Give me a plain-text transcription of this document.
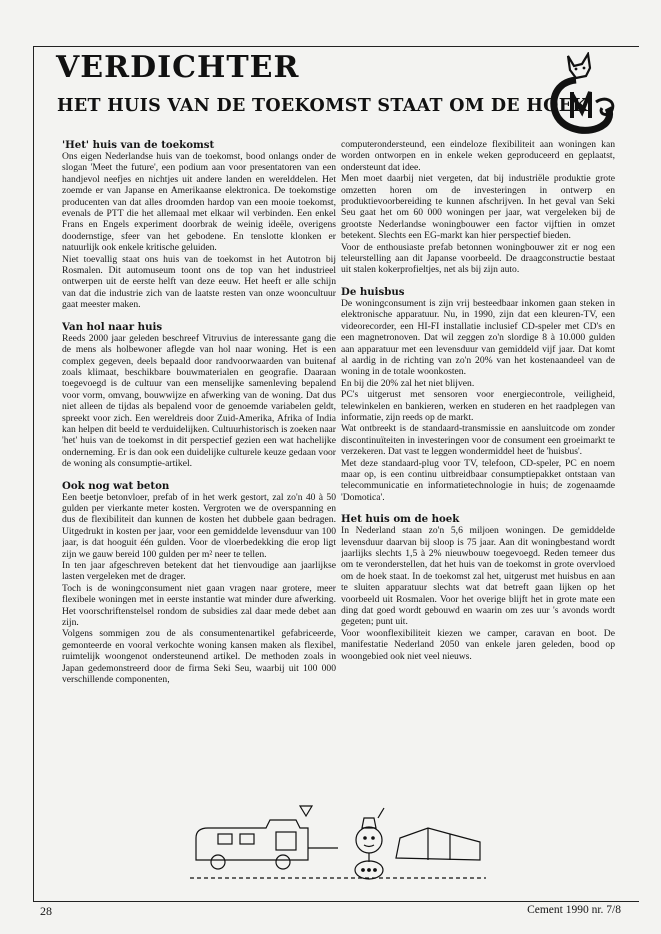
VERDICHTER
HET HUIS VAN DE TOEKOMST STAAT OM DE HOEK
'Het' huis van de toekomst

Ons eigen Nederlandse huis van de toekomst, bood onlangs onder de slogan 'Meet the future', een podium aan voor presentatoren van een handjevol neefjes en nichtjes uit andere landen en werelddelen. Het zoemde er van Japanse en Amerikaanse elektronica. De toekomstige producenten van dat alles droomden hardop van een mooie toekomst, evenals de PTT die het allemaal met elkaar wil verbinden. Een enkel Frans en Engels experiment doorbrak de weinig ideële, overigens doodernstige, sfeer van het gebodene. En tenslotte klonken er natuurlijk ook enkele kritische geluiden.

Niet toevallig staat ons huis van de toekomst in het Autotron bij Rosmalen. Dit automuseum toont ons de top van het industrieel ontwerpen uit de eerste helft van deze eeuw. Het heeft er alle schijn van dat die industrie zich van de laatste resten van onze wooncultuur gaat meester maken.

Van hol naar huis

Reeds 2000 jaar geleden beschreef Vitruvius de interessante gang die de mens als holbewoner aflegde van hol naar woning. Het is een complex gegeven, deels bepaald door randvoorwaarden van buitenaf zoals klimaat, beschikbare bouwmaterialen en geografie. Daaraan toegevoegd is de cultuur van een menselijke samenleving bepalend voor vorm, omvang, bouwwijze en afwerking van de woning. Dat dus niet alleen de tijdas als bepalend voor de genoemde variabelen geldt, spreekt voor zich. Een wereldreis door Zuid-Amerika, Afrika of India kan helpen dit beeld te verduidelijken. Cultuurhistorisch is zoeken naar 'het' huis van de toekomst in dit perspectief gezien een wat hachelijke onderneming. Er is dan ook een duidelijke culturele keuze gedaan voor de woning als consumptie-artikel.

Ook nog wat beton

Een beetje betonvloer, prefab of in het werk gestort, zal zo'n 40 à 50 gulden per vierkante meter kosten. Vergroten we de overspanning en dus de flexibiliteit dan kunnen de kosten het dubbele gaan bedragen. Uitgedrukt in kosten per jaar, voor een gemiddelde levensduur van 100 jaar, is dat hooguit één gulden. Voor de vloerbedekking die erop ligt zijn we gauw bereid 100 gulden per m² neer te tellen.

In ten jaar afgeschreven betekent dat het tienvoudige aan jaarlijkse lasten vergeleken met de drager.

Toch is de woningconsument niet gaan vragen naar grotere, meer flexibele woningen met in eerste instantie wat minder dure afwerking. Het voorschriftenstelsel rondom de subsidies zal daar mede debet aan zijn.

Volgens sommigen zou de als consumentenartikel gefabriceerde, gemonteerde en vooral verkochte woning kansen maken als flexibel, ruimtelijk woongenot ondersteunend artikel. De methoden zoals in Japan gedemonstreerd door de firma Seki Seu, waarbij uit 100 000 verschillende componenten,

computerondersteund, een eindeloze flexibiliteit aan woningen kan worden ontworpen en in enkele weken geproduceerd en geplaatst, ondersteunt dat idee.

Men moet daarbij niet vergeten, dat bij industriële produktie grote omzetten horen om de investeringen in ontwerp en produktievoorbereiding te kunnen afschrijven. In het geval van Seki Seu gaat het om 60 000 woningen per jaar, wat vergeleken bij de grootste Nederlandse woningbouwer een factor vijftien in omzet betekent. Slechts een EG-markt kan hier perspectief bieden.

Voor de enthousiaste prefab betonnen woningbouwer zit er nog een teleurstelling aan dit Japanse voorbeeld. De draagconstructie bestaat uit stalen kokerprofieltjes, net als bij zijn auto.

De huisbus

De woningconsument is zijn vrij besteedbaar inkomen gaan steken in elektronische apparatuur. Nu, in 1990, zijn dat een kleuren-TV, een videorecorder, een HI-FI installatie inclusief CD-speler met CD's en een magnetronoven. Dat wil zeggen zo'n slordige 8 à 10.000 gulden aan apparatuur met een levensduur van gemiddeld vijf jaar. Dat komt al aardig in de richting van zo'n 20% van het kostenaandeel van de woning in de totale woonkosten.

En bij die 20% zal het niet blijven.

PC's uitgerust met sensoren voor energiecontrole, veiligheid, telewinkelen en bankieren, werken en studeren en het raadplegen van informatie, zijn reeds op de markt.

Wat ontbreekt is de standaard-transmissie en aansluitcode om zonder discontinuïteiten in investeringen voor de consument een groeimarkt te verzekeren. Dat vast te leggen wondermiddel heet de 'huisbus'.

Met deze standaard-plug voor TV, telefoon, CD-speler, PC en noem maar op, is een continu uitbreidbaar consumptiepakket ontstaan van telecommunicatie en informatietechnologie in huis; de zogenaamde 'Domotica'.

Het huis om de hoek

In Nederland staan zo'n 5,6 miljoen woningen. De gemiddelde levensduur daarvan bij sloop is 75 jaar. Aan dit woningbestand wordt jaarlijks slechts 1,5 à 2% nieuwbouw toegevoegd. Reden temeer dus om te veronderstellen, dat het huis van de toekomst in grote overvloed om de hoek staat. In de toekomst zal het, uitgerust met huisbus en aan te sluiten apparatuur slechts wat dat betreft gaan lijken op het voorbeeld uit Rosmalen. Voor het overige blijft het in grote mate een ding dat goed wordt gebouwd en waarin om zes uur 's avonds wordt gegeten; punt uit.

Voor woonflexibiliteit kiezen we camper, caravan en boot. De manifestatie Nederland 2050 van enkele jaren geleden, bood op woongebied ook niet veel nieuws.

28	Cement 1990 nr. 7/8
